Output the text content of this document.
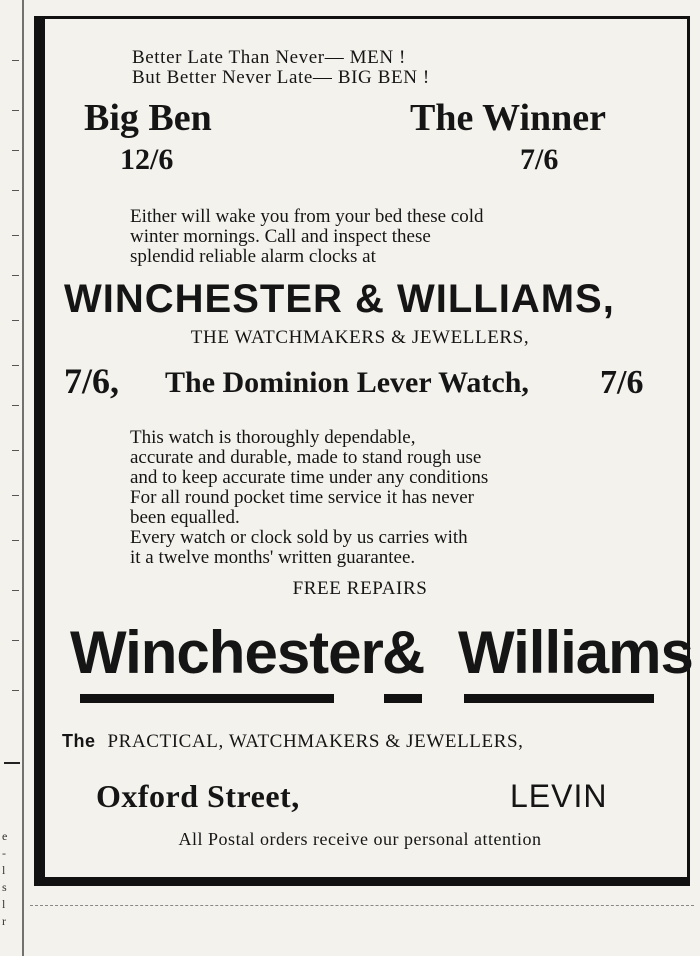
e
-
l
s
l
r
Better Late Than Never— MEN !
But Better Never Late— BIG BEN !
Big Ben
12/6
The Winner
7/6
Either will wake you from your bed these cold
winter mornings. Call and inspect these
splendid reliable alarm clocks at
WINCHESTER & WILLIAMS,
THE WATCHMAKERS & JEWELLERS,
7/6, The Dominion Lever Watch, 7/6
This watch is thoroughly dependable,
accurate and durable, made to stand rough use
and to keep accurate time under any conditions
For all round pocket time service it has never
been equalled.
Every watch or clock sold by us carries with
it a twelve months' written guarantee.
FREE REPAIRS
Winchester & Williams
The PRACTICAL, WATCHMAKERS & JEWELLERS,
Oxford Street,	LEVIN
All Postal orders receive our personal attention
